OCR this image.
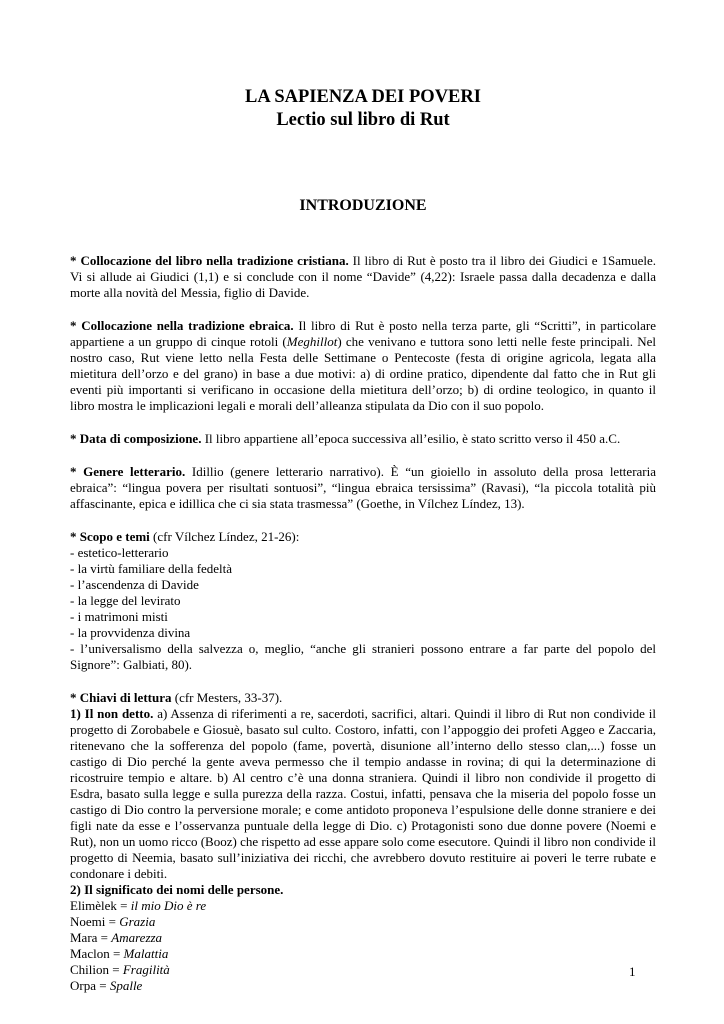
LA SAPIENZA DEI POVERI
Lectio sul libro di Rut
INTRODUZIONE

* Collocazione del libro nella tradizione cristiana. Il libro di Rut è posto tra il libro dei Giudici e 1Samuele. Vi si allude ai Giudici (1,1) e si conclude con il nome “Davide” (4,22): Israele passa dalla decadenza e dalla morte alla novità del Messia, figlio di Davide.

* Collocazione nella tradizione ebraica. Il libro di Rut è posto nella terza parte, gli “Scritti”, in particolare appartiene a un gruppo di cinque rotoli (Meghillot) che venivano e tuttora sono letti nelle feste principali. Nel nostro caso, Rut viene letto nella Festa delle Settimane o Pentecoste (festa di origine agricola, legata alla mietitura dell’orzo e del grano) in base a due motivi: a) di ordine pratico, dipendente dal fatto che in Rut gli eventi più importanti si verificano in occasione della mietitura dell’orzo; b) di ordine teologico, in quanto il libro mostra le implicazioni legali e morali dell’alleanza stipulata da Dio con il suo popolo.

* Data di composizione. Il libro appartiene all’epoca successiva all’esilio, è stato scritto verso il 450 a.C.

* Genere letterario. Idillio (genere letterario narrativo). È “un gioiello in assoluto della prosa letteraria ebraica”: “lingua povera per risultati sontuosi”, “lingua ebraica tersissima” (Ravasi), “la piccola totalità più affascinante, epica e idillica che ci sia stata trasmessa” (Goethe, in Vílchez Líndez, 13).

* Scopo e temi (cfr Vílchez Líndez, 21-26):

- estetico-letterario
- la virtù familiare della fedeltà
- l’ascendenza di Davide
- la legge del levirato
- i matrimoni misti
- la provvidenza divina
- l’universalismo della salvezza o, meglio, “anche gli stranieri possono entrare a far parte del popolo del Signore”: Galbiati, 80).

* Chiavi di lettura (cfr Mesters, 33-37).

1) Il non detto. a) Assenza di riferimenti a re, sacerdoti, sacrifici, altari. Quindi il libro di Rut non condivide il progetto di Zorobabele e Giosuè, basato sul culto. Costoro, infatti, con l’appoggio dei profeti Aggeo e Zaccaria, ritenevano che la sofferenza del popolo (fame, povertà, disunione all’interno dello stesso clan,...) fosse un castigo di Dio perché la gente aveva permesso che il tempio andasse in rovina; di qui la determinazione di ricostruire tempio e altare. b) Al centro c’è una donna straniera. Quindi il libro non condivide il progetto di Esdra, basato sulla legge e sulla purezza della razza. Costui, infatti, pensava che la miseria del popolo fosse un castigo di Dio contro la perversione morale; e come antidoto proponeva l’espulsione delle donne straniere e dei figli nate da esse e l’osservanza puntuale della legge di Dio. c) Protagonisti sono due donne povere (Noemi e Rut), non un uomo ricco (Booz) che rispetto ad esse appare solo come esecutore. Quindi il libro non condivide il progetto di Neemia, basato sull’iniziativa dei ricchi, che avrebbero dovuto restituire ai poveri le terre rubate e condonare i debiti.

2) Il significato dei nomi delle persone.

Elimèlek = il mio Dio è re
Noemi = Grazia
Mara = Amarezza
Maclon = Malattia
Chilion = Fragilità
Orpa = Spalle
1
